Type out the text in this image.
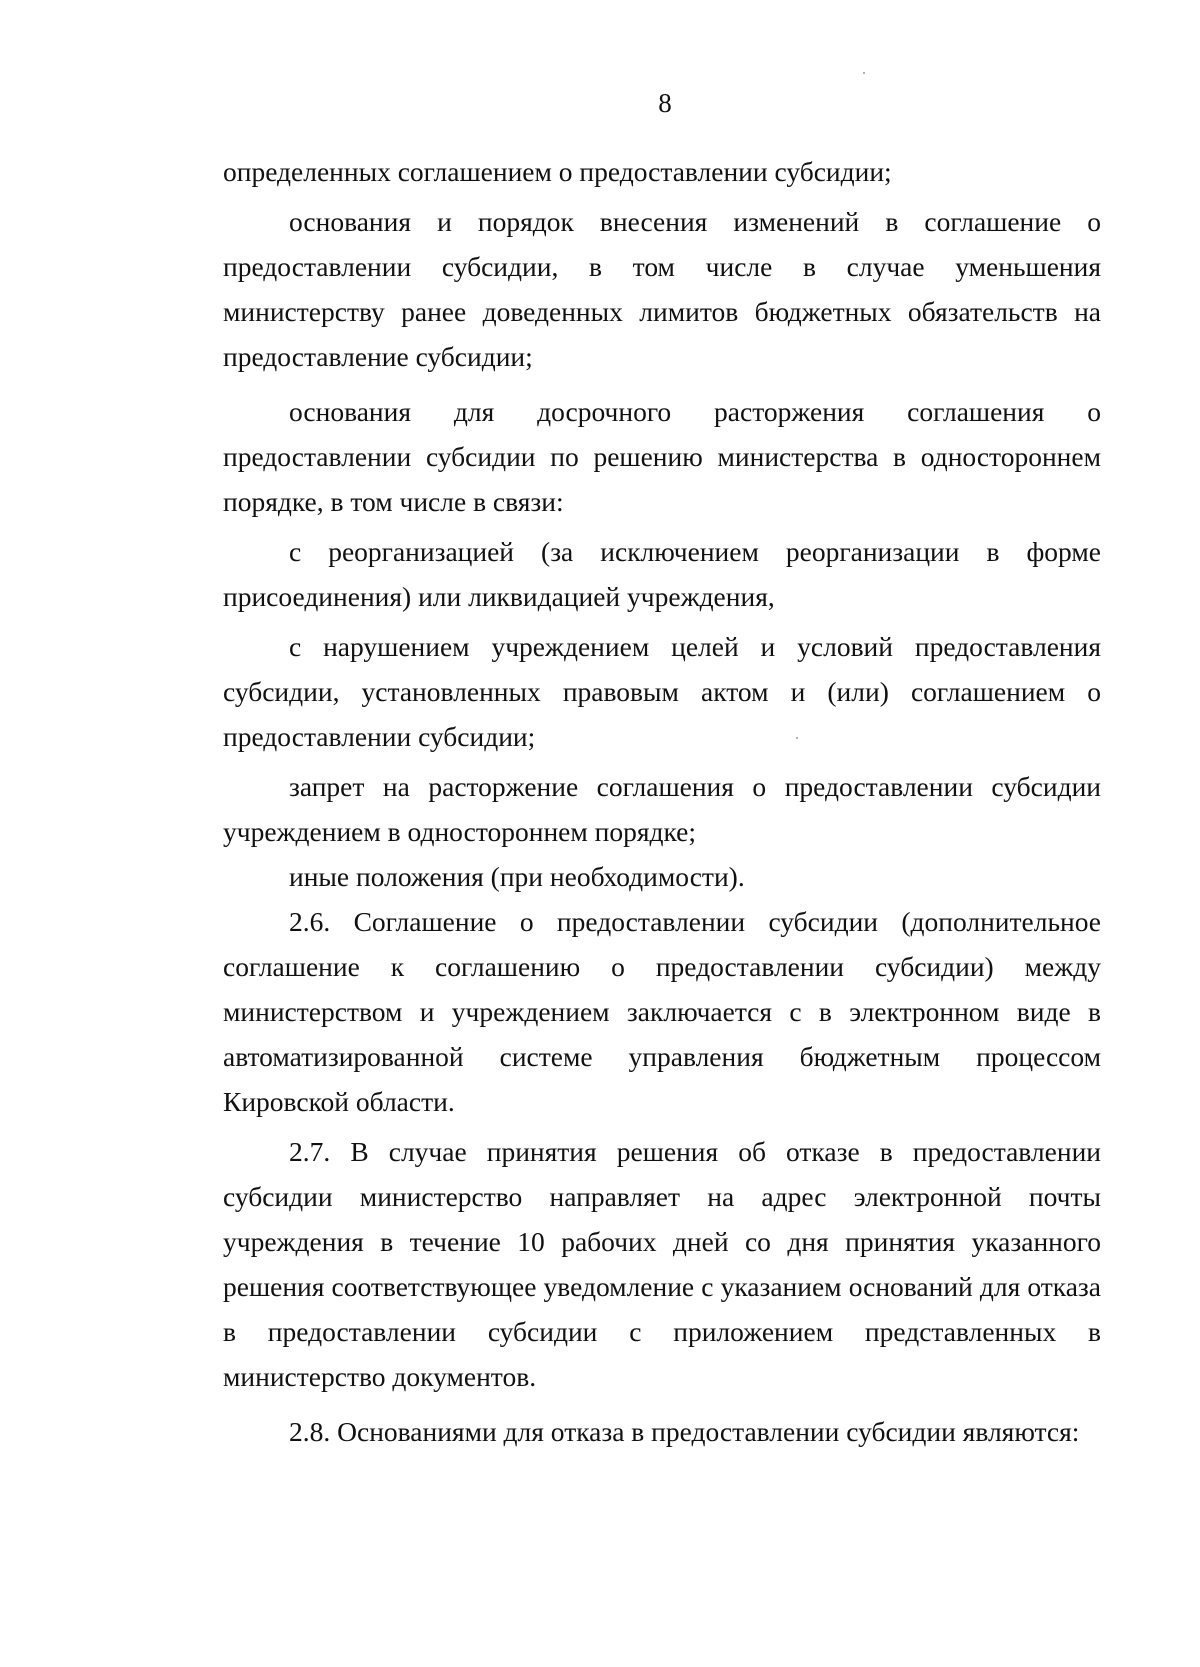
8

определенных соглашением о предоставлении субсидии;

основания и порядок внесения изменений в соглашение о предоставлении субсидии, в том числе в случае уменьшения министерству ранее доведенных лимитов бюджетных обязательств на предоставление субсидии;

основания для досрочного расторжения соглашения о предоставлении субсидии по решению министерства в одностороннем порядке, в том числе в связи:

с реорганизацией (за исключением реорганизации в форме присоединения) или ликвидацией учреждения,

с нарушением учреждением целей и условий предоставления субсидии, установленных правовым актом и (или) соглашением о предоставлении субсидии;

запрет на расторжение соглашения о предоставлении субсидии учреждением в одностороннем порядке;

иные положения (при необходимости).

2.6. Соглашение о предоставлении субсидии (дополнительное соглашение к соглашению о предоставлении субсидии) между министерством и учреждением заключается с в электронном виде в автоматизированной системе управления бюджетным процессом Кировской области.

2.7. В случае принятия решения об отказе в предоставлении субсидии министерство направляет на адрес электронной почты учреждения в течение 10 рабочих дней со дня принятия указанного решения соответствующее уведомление с указанием оснований для отказа в предоставлении субсидии с приложением представленных в министерство документов.

2.8. Основаниями для отказа в предоставлении субсидии являются:
